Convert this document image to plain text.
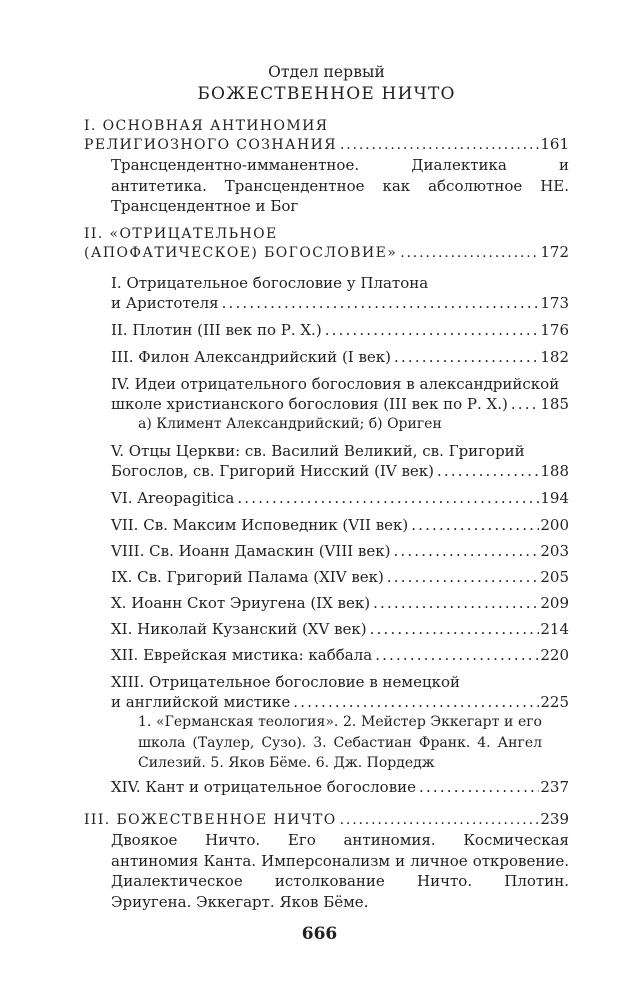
Отдел первый
БОЖЕСТВЕННОЕ НИЧТО
I. ОСНОВНАЯ АНТИНОМИЯ
РЕЛИГИОЗНОГО СОЗНАНИЯ . . .	161
Трансцендентно-имманентное. Диалектика и антитетика. Трансцендентное как абсолютное НЕ. Трансцендентное и Бог
II. «ОТРИЦАТЕЛЬНОЕ
(АПОФАТИЧЕСКОЕ) БОГОСЛОВИЕ» . . .	172
I. Отрицательное богословие у Платона
и Аристотеля . . .	173
II. Плотин (III век по Р. Х.) . . .	176
III. Филон Александрийский (I век) . . .	182
IV. Идеи отрицательного богословия в александрийской
школе христианского богословия (III век по Р. Х.) . . . 185
а) Климент Александрийский; б) Ориген
V. Отцы Церкви: св. Василий Великий, св. Григорий
Богослов, св. Григорий Нисский (IV век) . . .	188
VI. Areopagitica . . .	194
VII. Св. Максим Исповедник (VII век) . . .	200
VIII. Св. Иоанн Дамаскин (VIII век) . . .	203
IX. Св. Григорий Палама (XIV век) . . .	205
X. Иоанн Скот Эриугена (IX век) . . .	209
XI. Николай Кузанский (XV век) . . .	214
XII. Еврейская мистика: каббала . . .	220
XIII. Отрицательное богословие в немецкой
и английской мистике . . .	225
1. «Германская теология». 2. Мейстер Эккегарт и его школа (Таулер, Сузо). 3. Себастиан Франк. 4. Ангел Силезий. 5. Яков Бёме. 6. Дж. Пордедж
XIV. Кант и отрицательное богословие . . .	237
III. БОЖЕСТВЕННОЕ НИЧТО . . .	239
Двоякое Ничто. Его антиномия. Космическая антиномия Канта. Имперсонализм и личное откровение. Диалектическое истолкование Ничто. Плотин. Эриугена. Эккегарт. Яков Бёме.
666
